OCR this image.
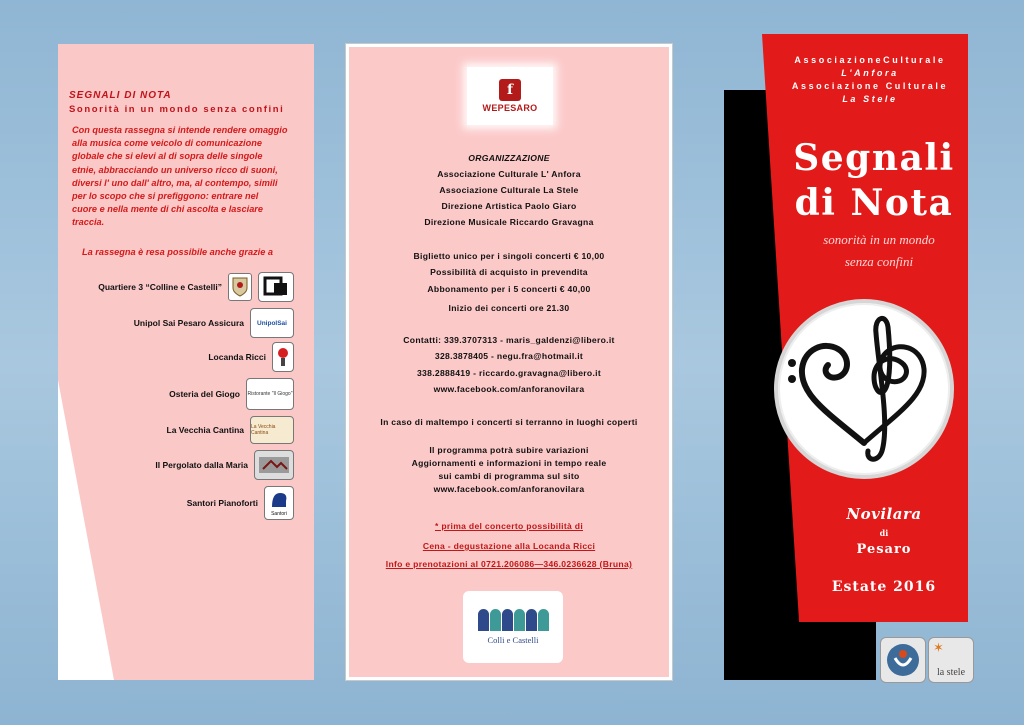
SEGNALI DI NOTA
Sonorità in un mondo senza confini
Con questa rassegna si intende rendere omaggio
alla musica come veicolo di comunicazione
globale che si elevi al di sopra delle singole
etnie, abbracciando un universo ricco di suoni,
diversi l' uno dall' altro, ma, al contempo, simili
per lo scopo che si prefiggono: entrare nel
cuore e nella mente di chi ascolta e lasciare
traccia.
La rassegna è resa possibile anche grazie a
Quartiere 3 “Colline e Castelli”
Unipol Sai Pesaro Assicura	UnipolSai
Locanda Ricci
Osteria del Giogo	Ristorante "Il Giogo"
La Vecchia Cantina La Vecchia Cantina
Il Pergolato dalla Maria
Santori Pianoforti
Santori
f
WEPESARO
ORGANIZZAZIONE
Associazione Culturale L' Anfora
Associazione Culturale La Stele
Direzione Artistica Paolo Giaro
Direzione Musicale Riccardo Gravagna
Biglietto unico per i singoli concerti € 10,00
Possibilità di acquisto in prevendita
Abbonamento per i 5 concerti € 40,00
Inizio dei concerti ore 21.30
Contatti: 339.3707313 - maris_galdenzi@libero.it
328.3878405 - negu.fra@hotmail.it
338.2888419 - riccardo.gravagna@libero.it
www.facebook.com/anforanovilara
In caso di maltempo i concerti si terranno in luoghi coperti
Il programma potrà subire variazioni
Aggiornamenti e informazioni in tempo reale
sui cambi di programma sul sito
www.facebook.com/anforanovilara
* prima del concerto possibilità di
Cena - degustazione alla Locanda Ricci
Info e prenotazioni al 0721.206086—346.0236628 (Bruna)
Colli e Castelli
AssociazioneCulturale
L'Anfora
Associazione Culturale
La Stele
Segnali
di Nota
sonorità in un mondo
senza confini
Novilara
di
Pesaro
Estate 2016
la stele
✶
